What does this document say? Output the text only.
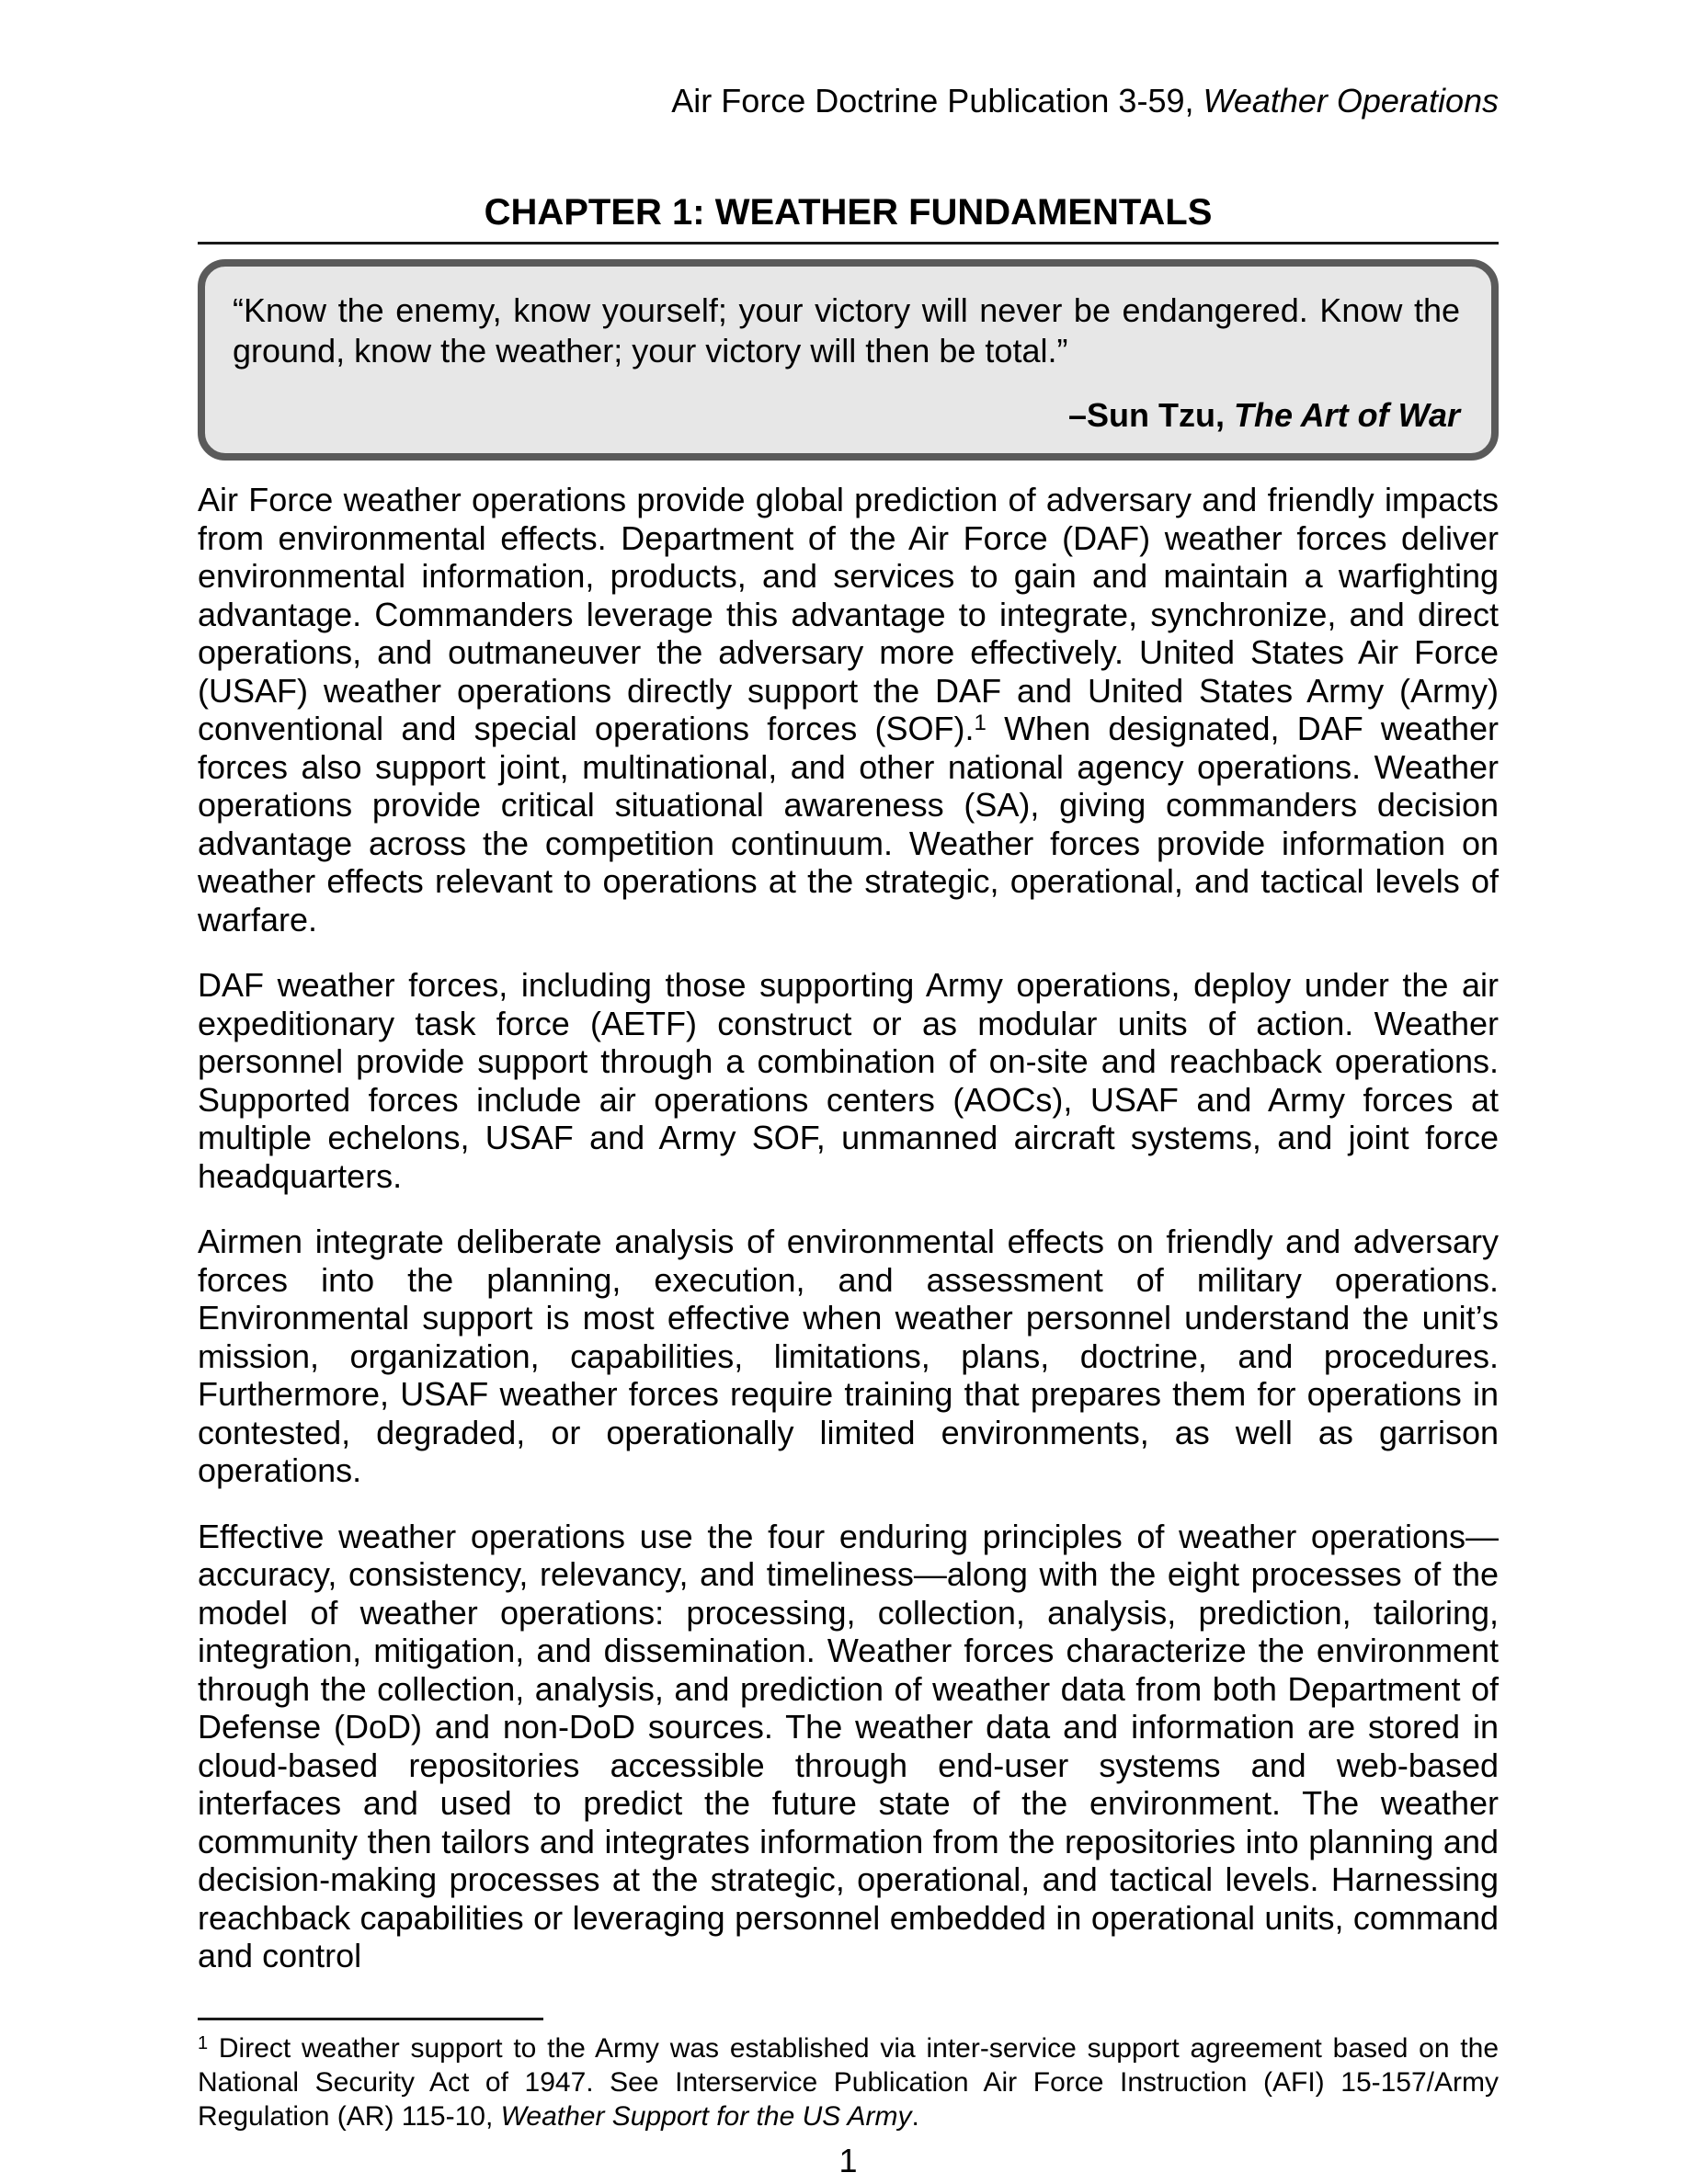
Air Force Doctrine Publication 3-59, Weather Operations
CHAPTER 1: WEATHER FUNDAMENTALS

“Know the enemy, know yourself; your victory will never be endangered. Know the ground, know the weather; your victory will then be total.”

–Sun Tzu, The Art of War

Air Force weather operations provide global prediction of adversary and friendly impacts from environmental effects. Department of the Air Force (DAF) weather forces deliver environmental information, products, and services to gain and maintain a warfighting advantage. Commanders leverage this advantage to integrate, synchronize, and direct operations, and outmaneuver the adversary more effectively. United States Air Force (USAF) weather operations directly support the DAF and United States Army (Army) conventional and special operations forces (SOF).$^1$ When designated, DAF weather forces also support joint, multinational, and other national agency operations. Weather operations provide critical situational awareness (SA), giving commanders decision advantage across the competition continuum. Weather forces provide information on weather effects relevant to operations at the strategic, operational, and tactical levels of warfare.

DAF weather forces, including those supporting Army operations, deploy under the air expeditionary task force (AETF) construct or as modular units of action. Weather personnel provide support through a combination of on-site and reachback operations. Supported forces include air operations centers (AOCs), USAF and Army forces at multiple echelons, USAF and Army SOF, unmanned aircraft systems, and joint force headquarters.

Airmen integrate deliberate analysis of environmental effects on friendly and adversary forces into the planning, execution, and assessment of military operations. Environmental support is most effective when weather personnel understand the unit’s mission, organization, capabilities, limitations, plans, doctrine, and procedures. Furthermore, USAF weather forces require training that prepares them for operations in contested, degraded, or operationally limited environments, as well as garrison operations.

Effective weather operations use the four enduring principles of weather operations—accuracy, consistency, relevancy, and timeliness—along with the eight processes of the model of weather operations: processing, collection, analysis, prediction, tailoring, integration, mitigation, and dissemination. Weather forces characterize the environment through the collection, analysis, and prediction of weather data from both Department of Defense (DoD) and non-DoD sources. The weather data and information are stored in cloud-based repositories accessible through end-user systems and web-based interfaces and used to predict the future state of the environment. The weather community then tailors and integrates information from the repositories into planning and decision-making processes at the strategic, operational, and tactical levels. Harnessing reachback capabilities or leveraging personnel embedded in operational units, command and control

$^1$ Direct weather support to the Army was established via inter-service support agreement based on the National Security Act of 1947. See Interservice Publication Air Force Instruction (AFI) 15-157/Army Regulation (AR) 115-10, Weather Support for the US Army.

1
